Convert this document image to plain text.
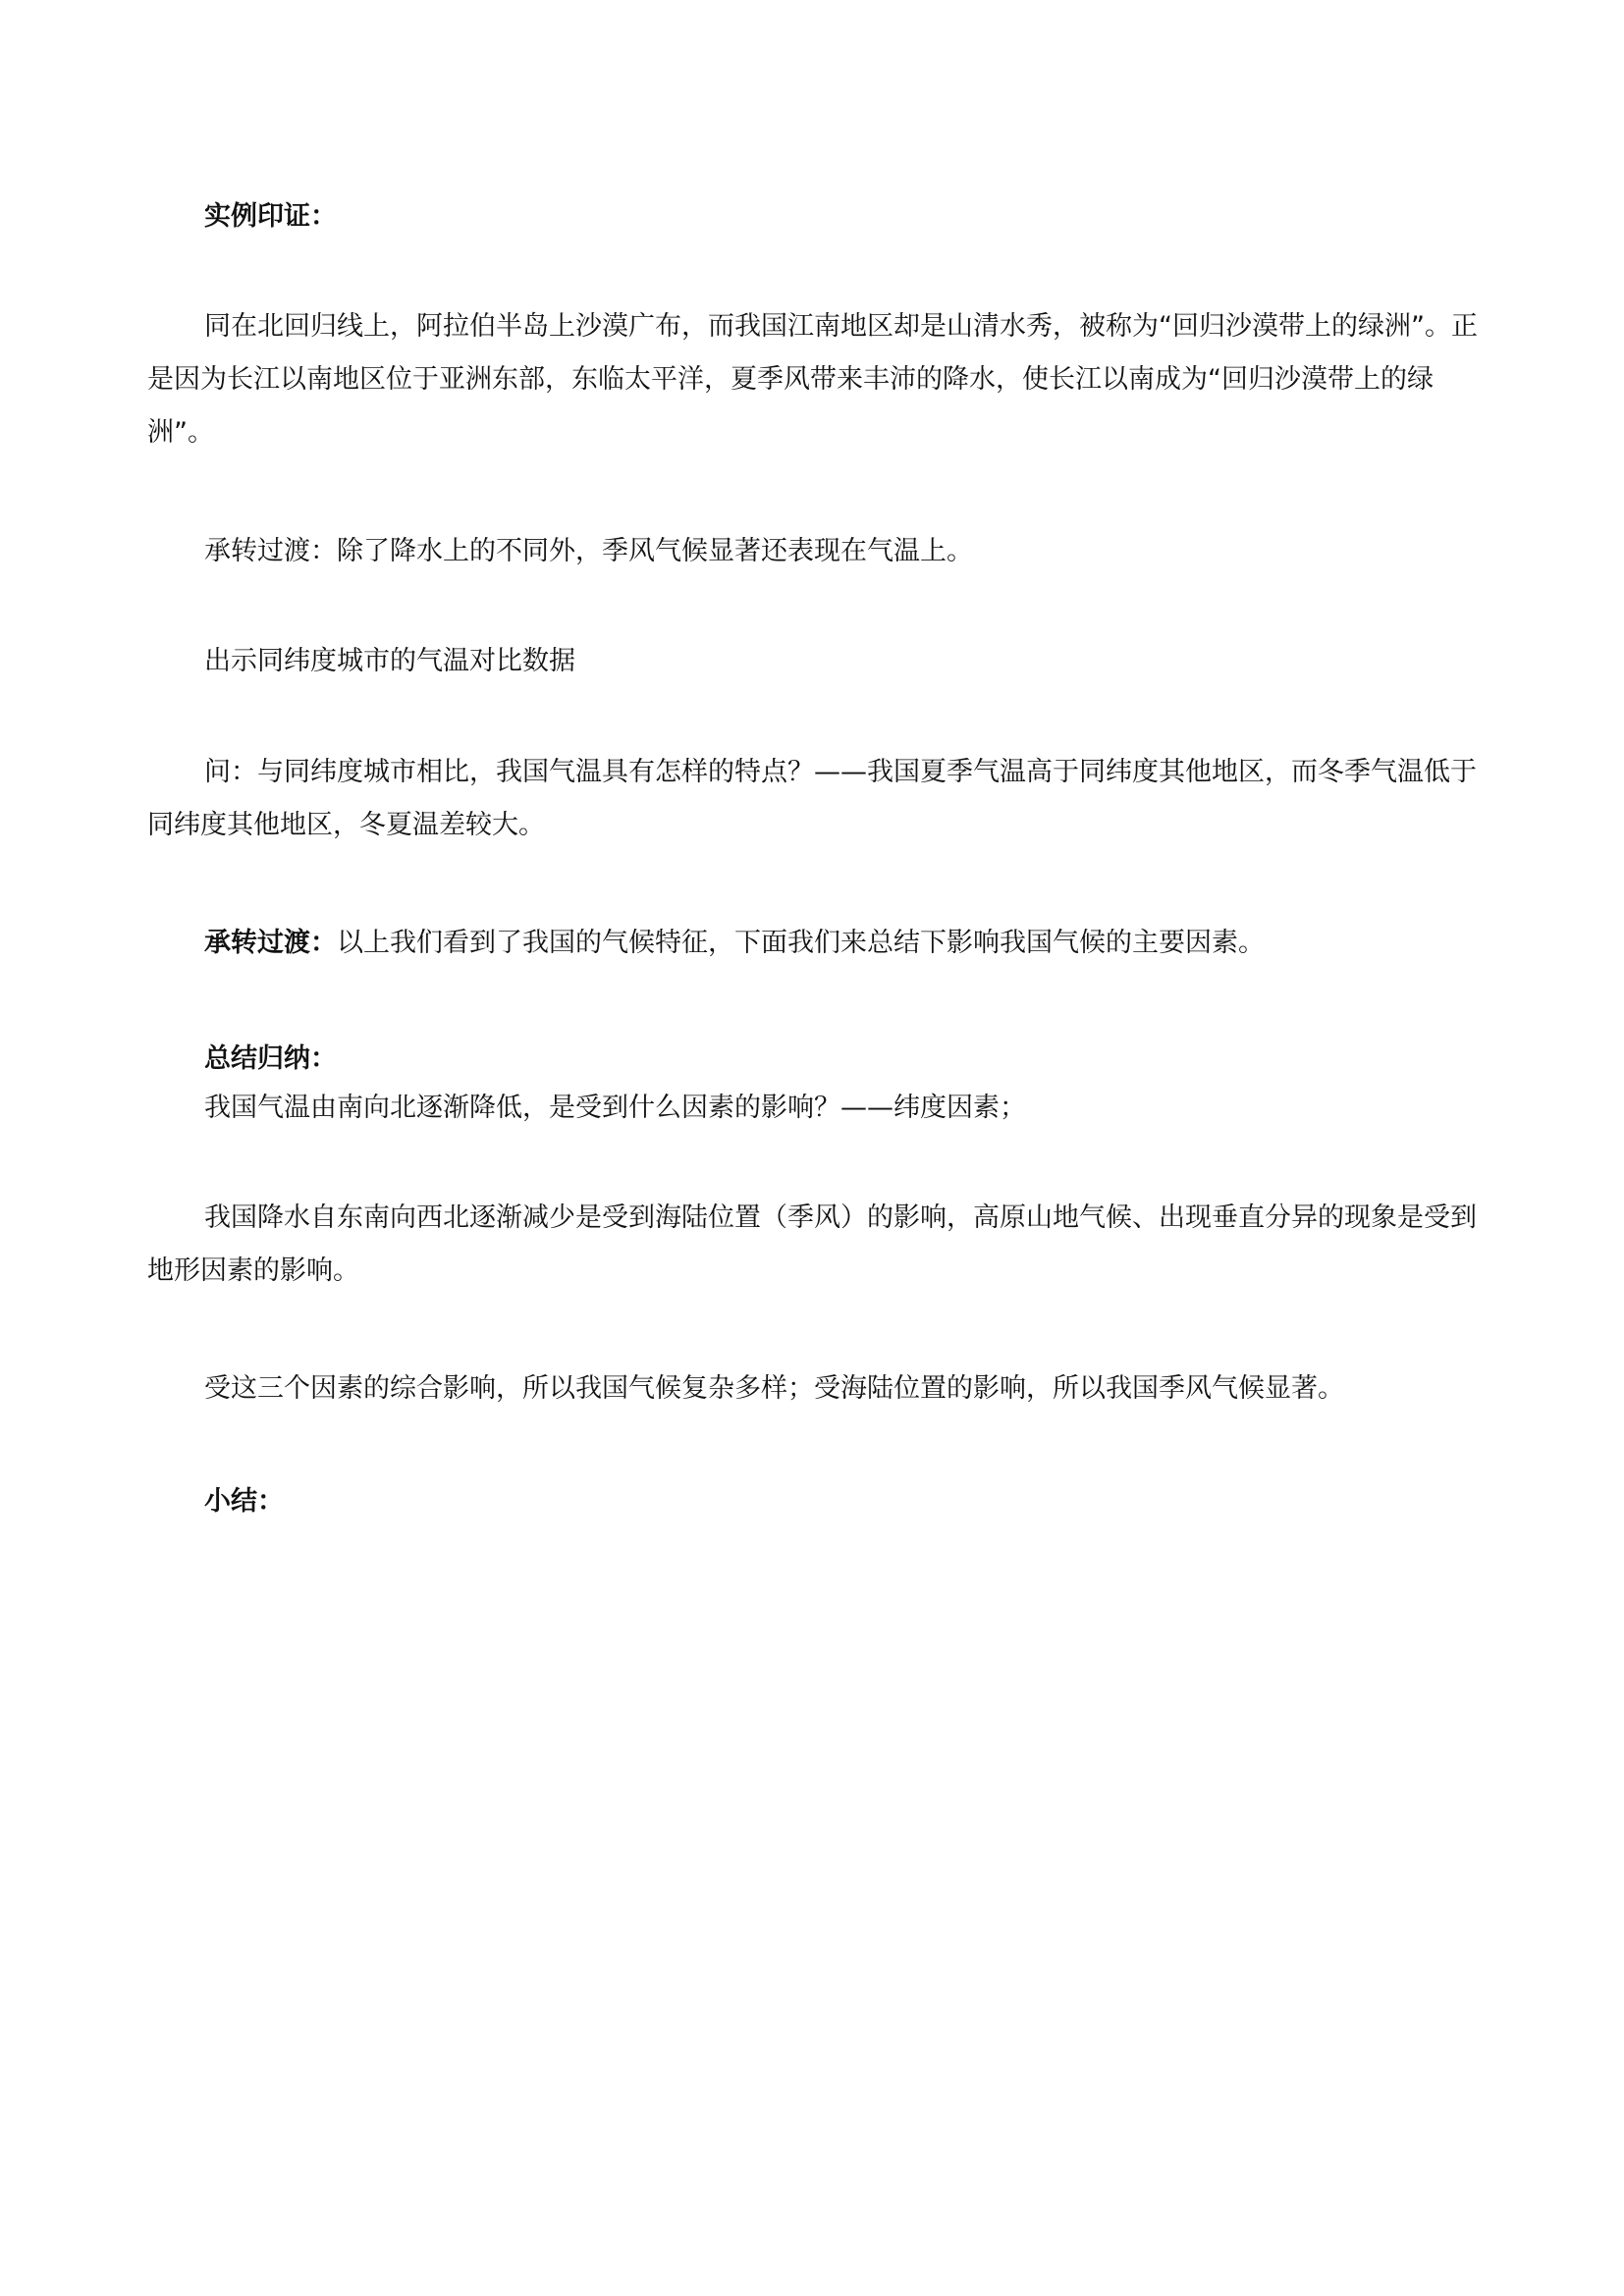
实例印证：

同在北回归线上，阿拉伯半岛上沙漠广布，而我国江南地区却是山清水秀，被称为“回归沙漠带上的绿洲”。正是因为长江以南地区位于亚洲东部，东临太平洋，夏季风带来丰沛的降水，使长江以南成为“回归沙漠带上的绿洲”。

承转过渡：除了降水上的不同外，季风气候显著还表现在气温上。

出示同纬度城市的气温对比数据

问：与同纬度城市相比，我国气温具有怎样的特点？——我国夏季气温高于同纬度其他地区，而冬季气温低于同纬度其他地区，冬夏温差较大。

承转过渡：以上我们看到了我国的气候特征，下面我们来总结下影响我国气候的主要因素。

总结归纳：

我国气温由南向北逐渐降低，是受到什么因素的影响？——纬度因素；

我国降水自东南向西北逐渐减少是受到海陆位置（季风）的影响，高原山地气候、出现垂直分异的现象是受到地形因素的影响。

受这三个因素的综合影响，所以我国气候复杂多样；受海陆位置的影响，所以我国季风气候显著。

小结：
